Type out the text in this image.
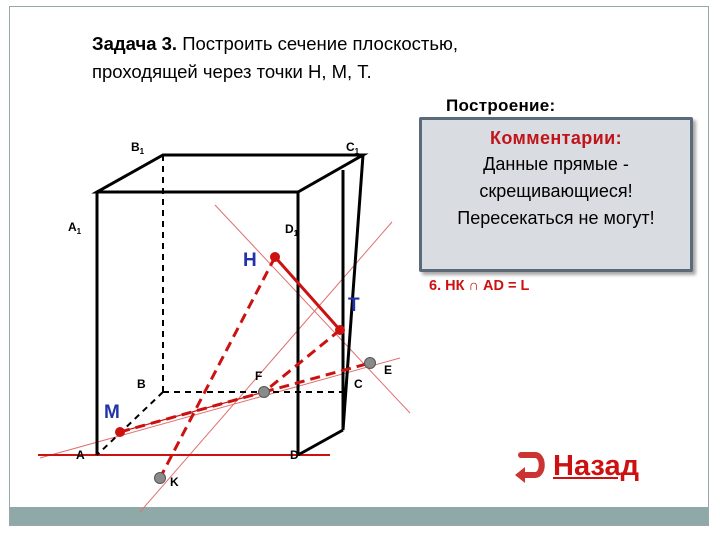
Задача 3. Построить сечение плоскостью,
проходящей через точки Н, М, Т.
Построение:
$B_1$	$C_1$
$A_1$	$D_1$
B	C
A	D
E
F
K
Н
Т
М
Комментарии:
Данные прямые - скрещивающиеся! Пересекаться не могут!
6. НК ∩ AD = L
Назад
